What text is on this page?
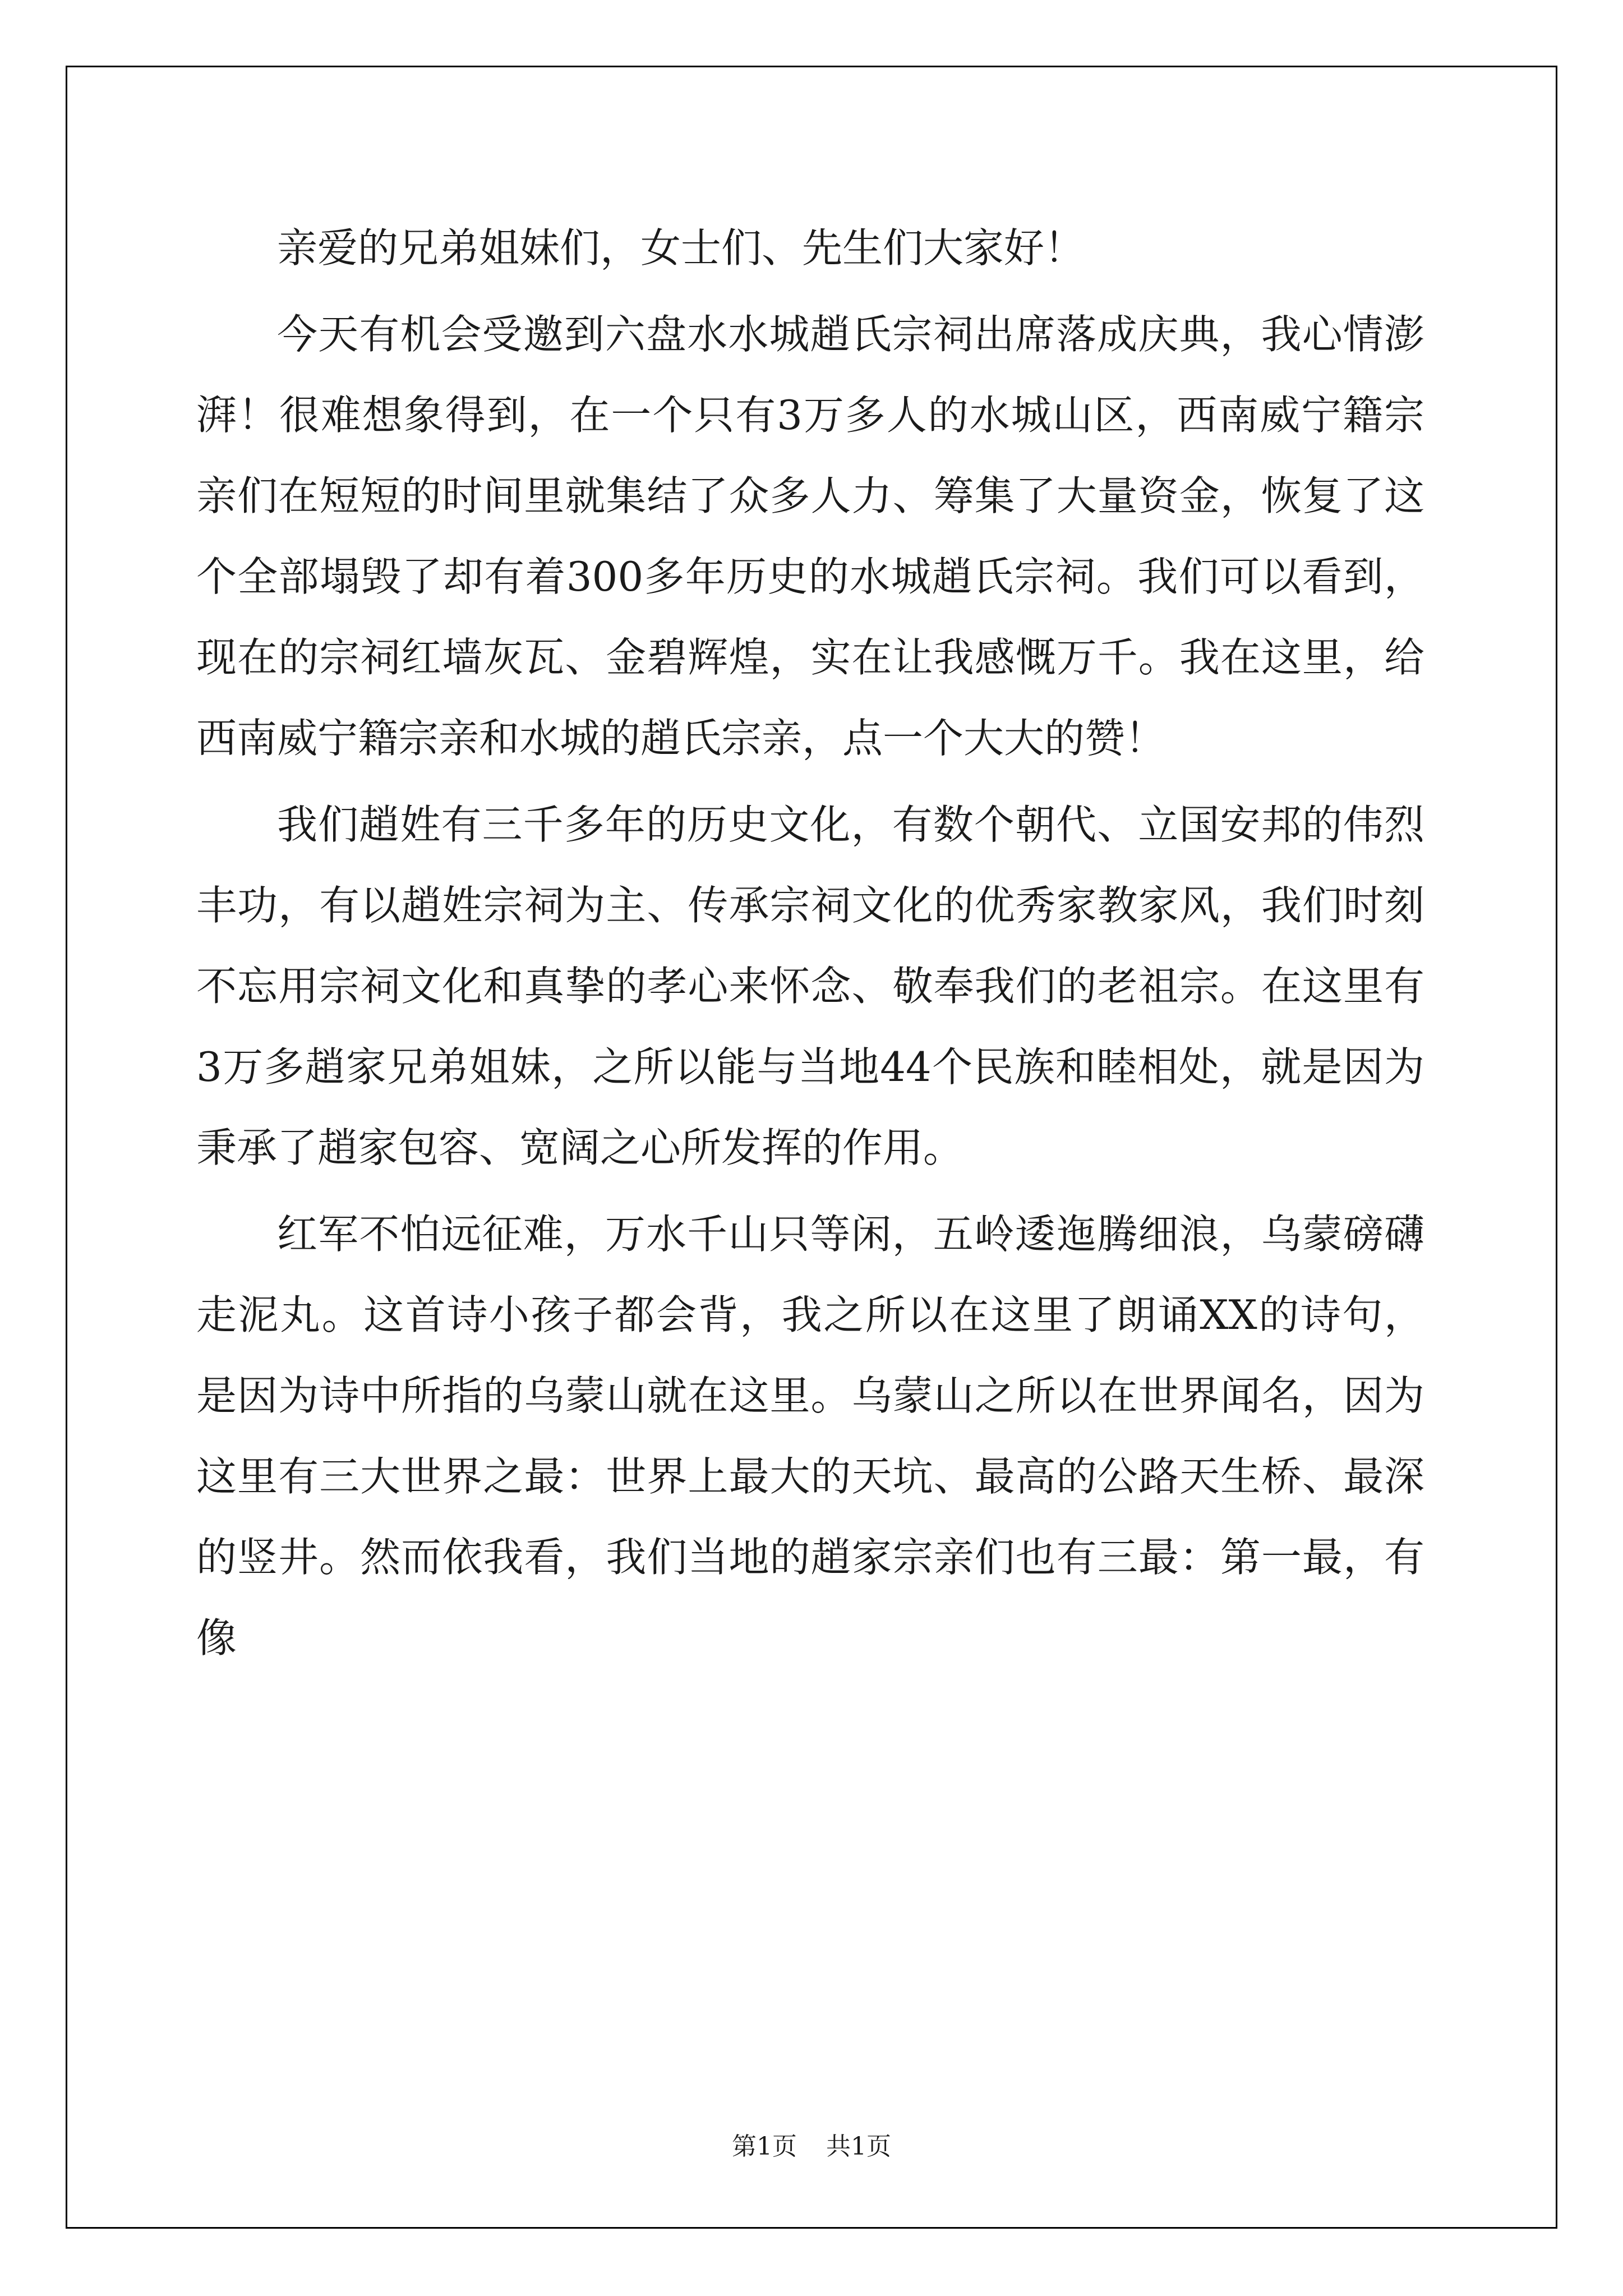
亲爱的兄弟姐妹们，女士们、先生们大家好！

今天有机会受邀到六盘水水城趙氏宗祠出席落成庆典，我心情澎湃！很难想象得到，在一个只有3万多人的水城山区，西南威宁籍宗亲们在短短的时间里就集结了众多人力、筹集了大量资金，恢复了这个全部塌毁了却有着300多年历史的水城趙氏宗祠。我们可以看到，现在的宗祠红墙灰瓦、金碧辉煌，实在让我感慨万千。我在这里，给西南威宁籍宗亲和水城的趙氏宗亲，点一个大大的赞！

我们趙姓有三千多年的历史文化，有数个朝代、立国安邦的伟烈丰功，有以趙姓宗祠为主、传承宗祠文化的优秀家教家风，我们时刻不忘用宗祠文化和真挚的孝心来怀念、敬奉我们的老祖宗。在这里有3万多趙家兄弟姐妹，之所以能与当地44个民族和睦相处，就是因为秉承了趙家包容、宽阔之心所发挥的作用。

红军不怕远征难，万水千山只等闲，五岭逶迤腾细浪，乌蒙磅礴走泥丸。这首诗小孩子都会背，我之所以在这里了朗诵XX的诗句，是因为诗中所指的乌蒙山就在这里。乌蒙山之所以在世界闻名，因为这里有三大世界之最：世界上最大的天坑、最高的公路天生桥、最深的竖井。然而依我看，我们当地的趙家宗亲们也有三最：第一最，有像

第1页 共1页
